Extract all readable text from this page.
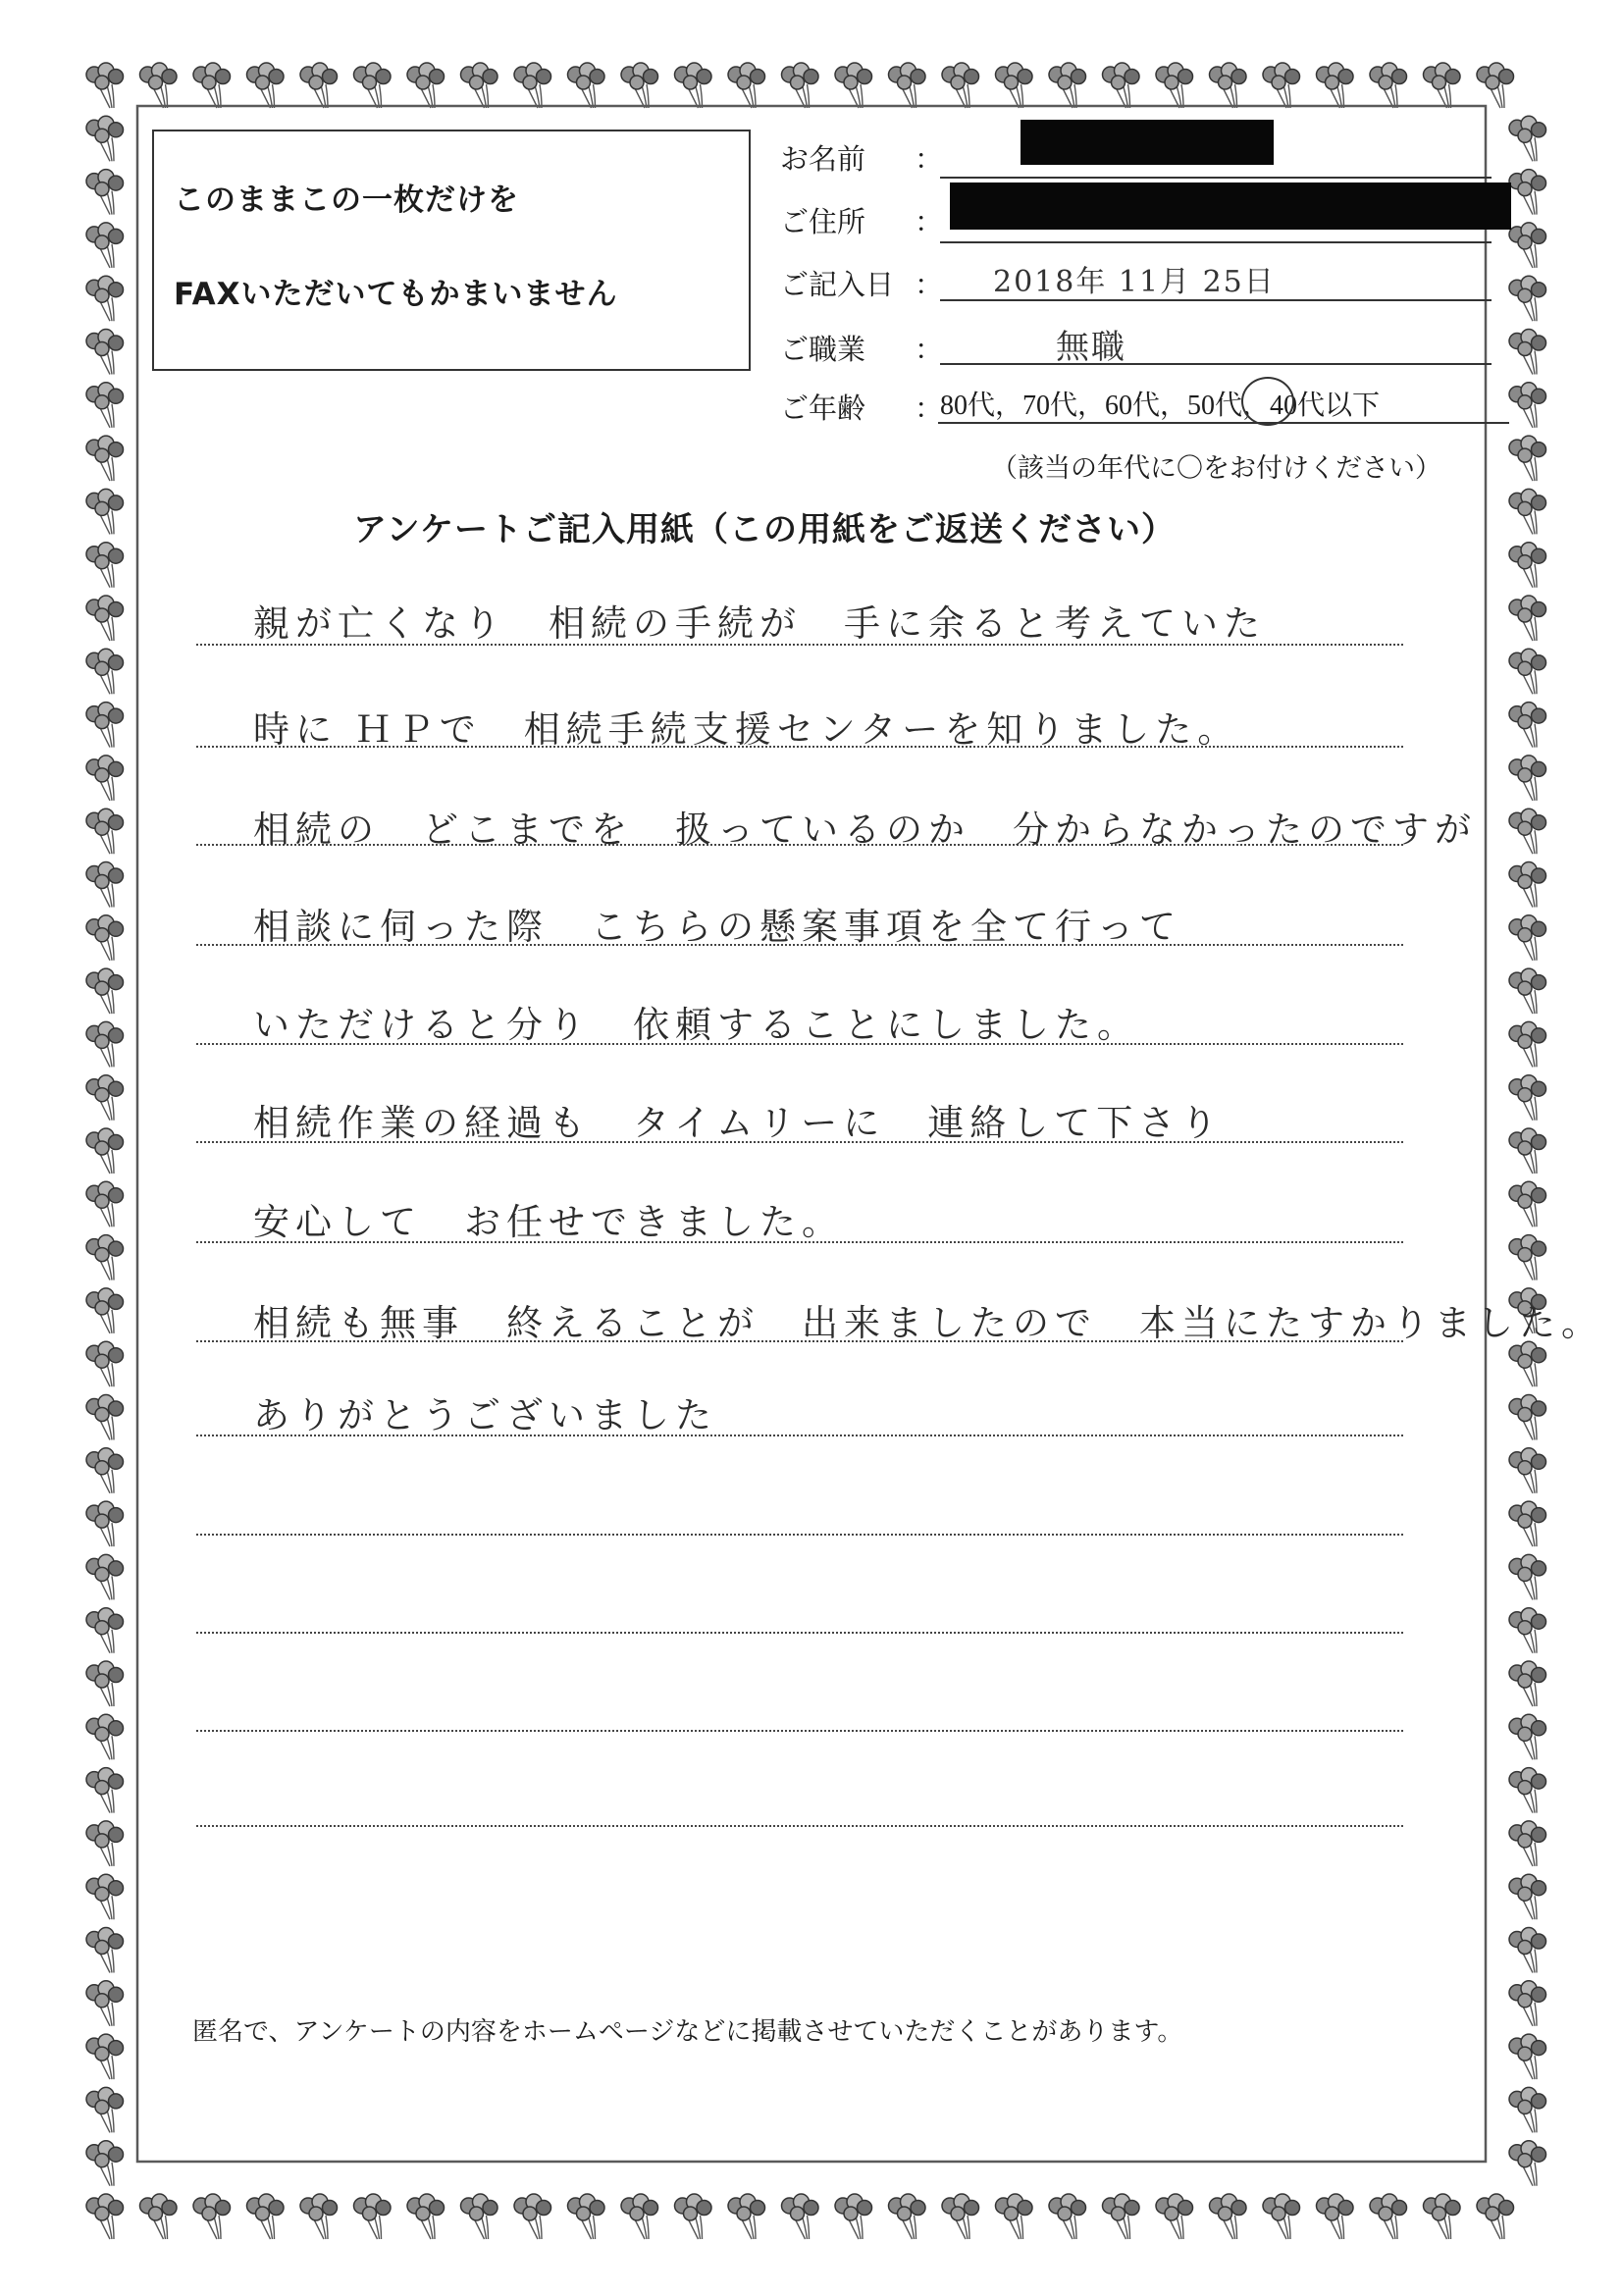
このままこの一枚だけを
FAXいただいてもかまいません
お名前 ：
ご住所 ：
ご記入日 ： 2018年 11月 25日
ご職業 ：	無職
ご年齢 ：
80代，70代，60代，50代，40代以下
（該当の年代に〇をお付けください）
アンケートご記入用紙（この用紙をご返送ください）
親が亡くなり　相続の手続が　手に余ると考えていた
時に ＨＰで　相続手続支援センターを知りました。
相続の　どこまでを　扱っているのか　分からなかったのですが
相談に伺った際　こちらの懸案事項を全て行って
いただけると分り　依頼することにしました。
相続作業の経過も　タイムリーに　連絡して下さり
安心して　お任せできました。
相続も無事　終えることが　出来ましたので　本当にたすかりました。
ありがとうございました
匿名で、アンケートの内容をホームページなどに掲載させていただくことがあります。
